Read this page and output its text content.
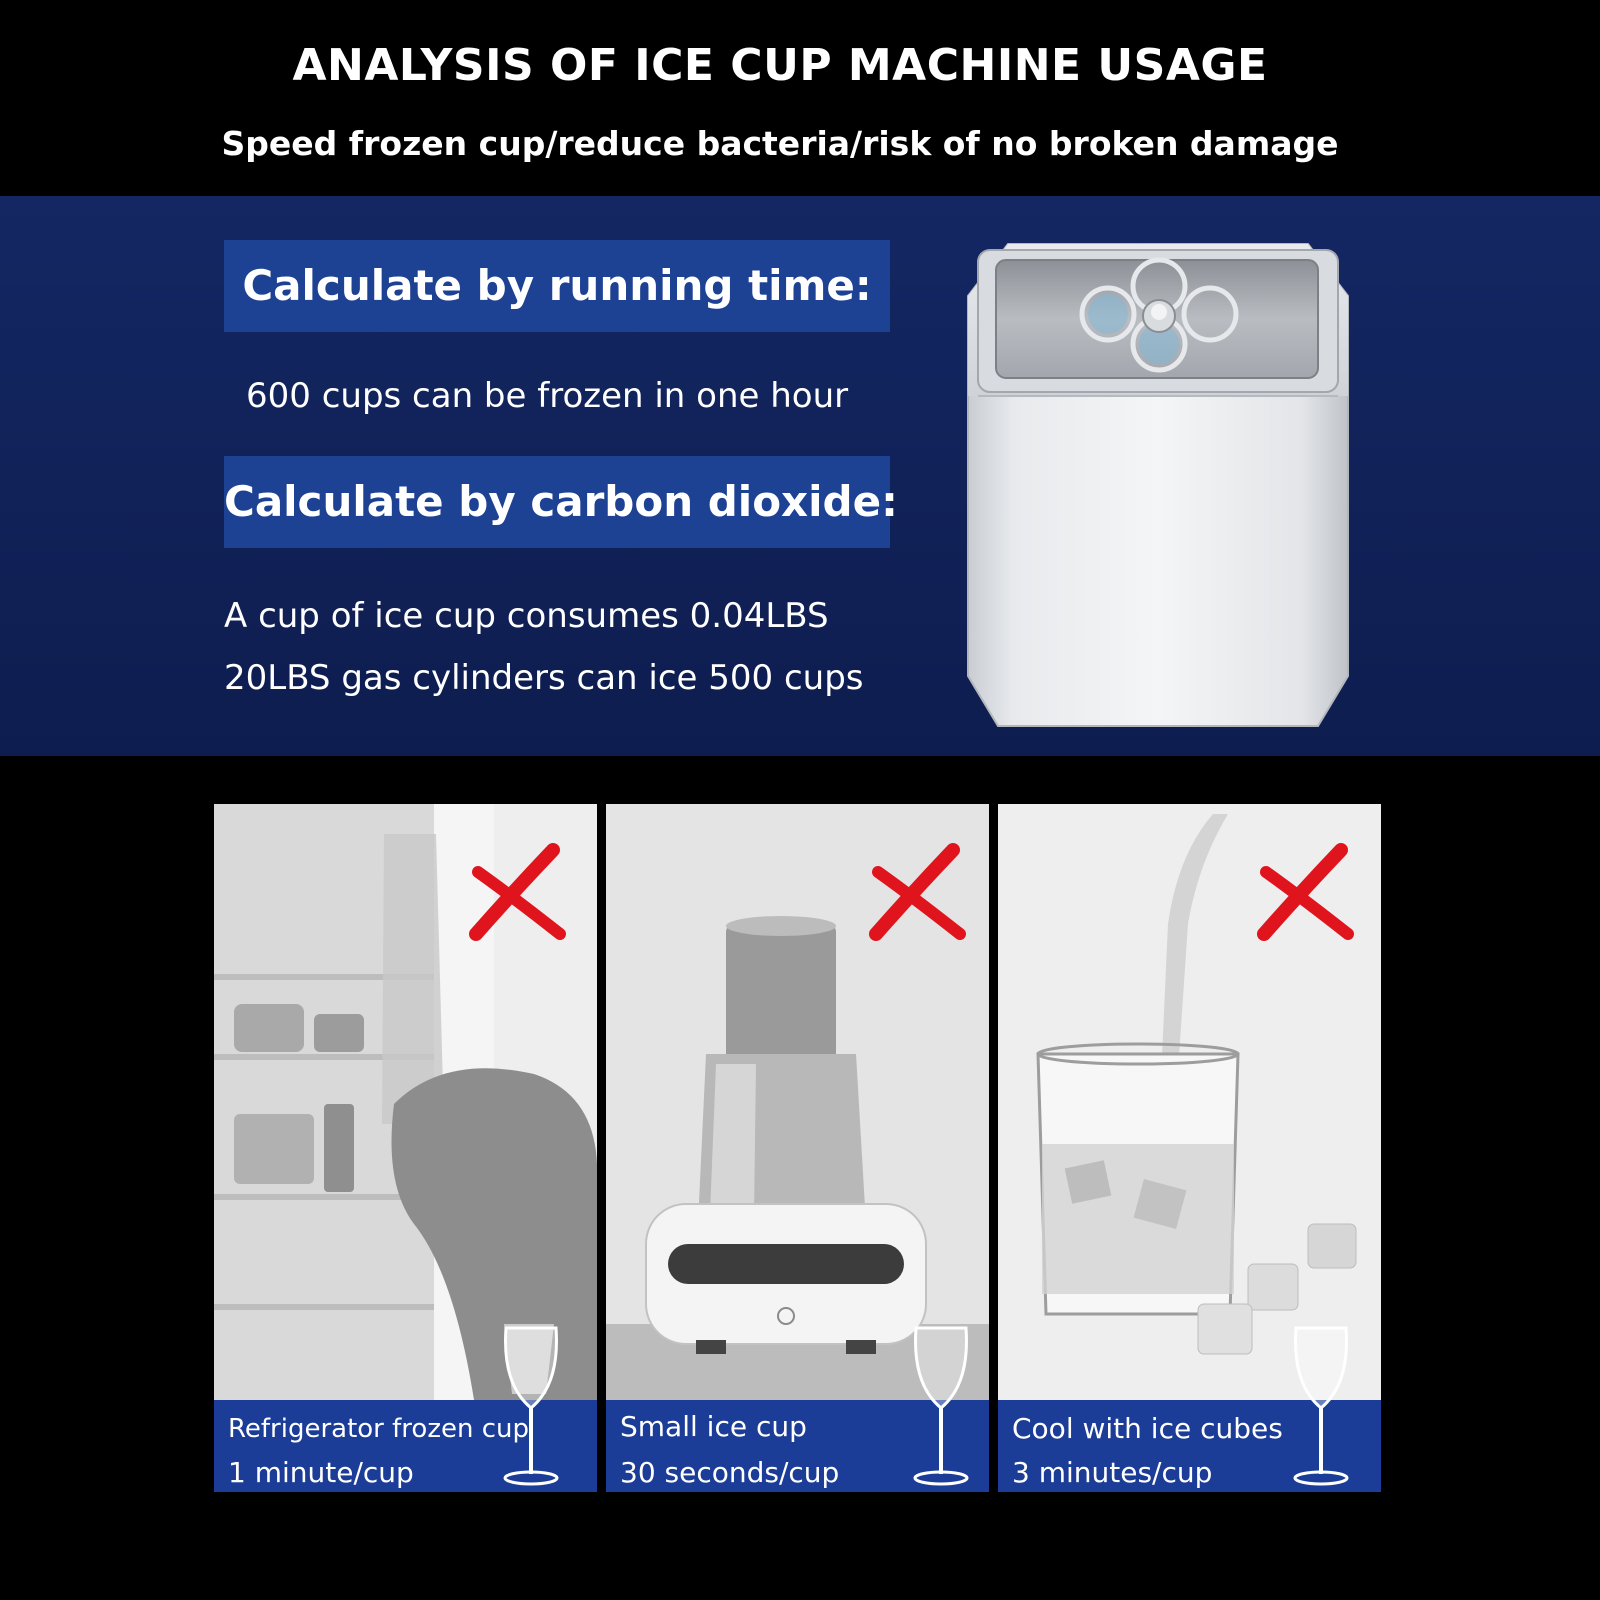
ANALYSIS OF ICE CUP MACHINE USAGE
Speed frozen cup/reduce bacteria/risk of no broken damage
Calculate by running time:
600 cups can be frozen in one hour
Calculate by carbon dioxide:
A cup of ice cup consumes 0.04LBS
20LBS gas cylinders can ice 500 cups
Refrigerator frozen cup
1 minute/cup
Small ice cup
30 seconds/cup
Cool with ice cubes
3 minutes/cup
